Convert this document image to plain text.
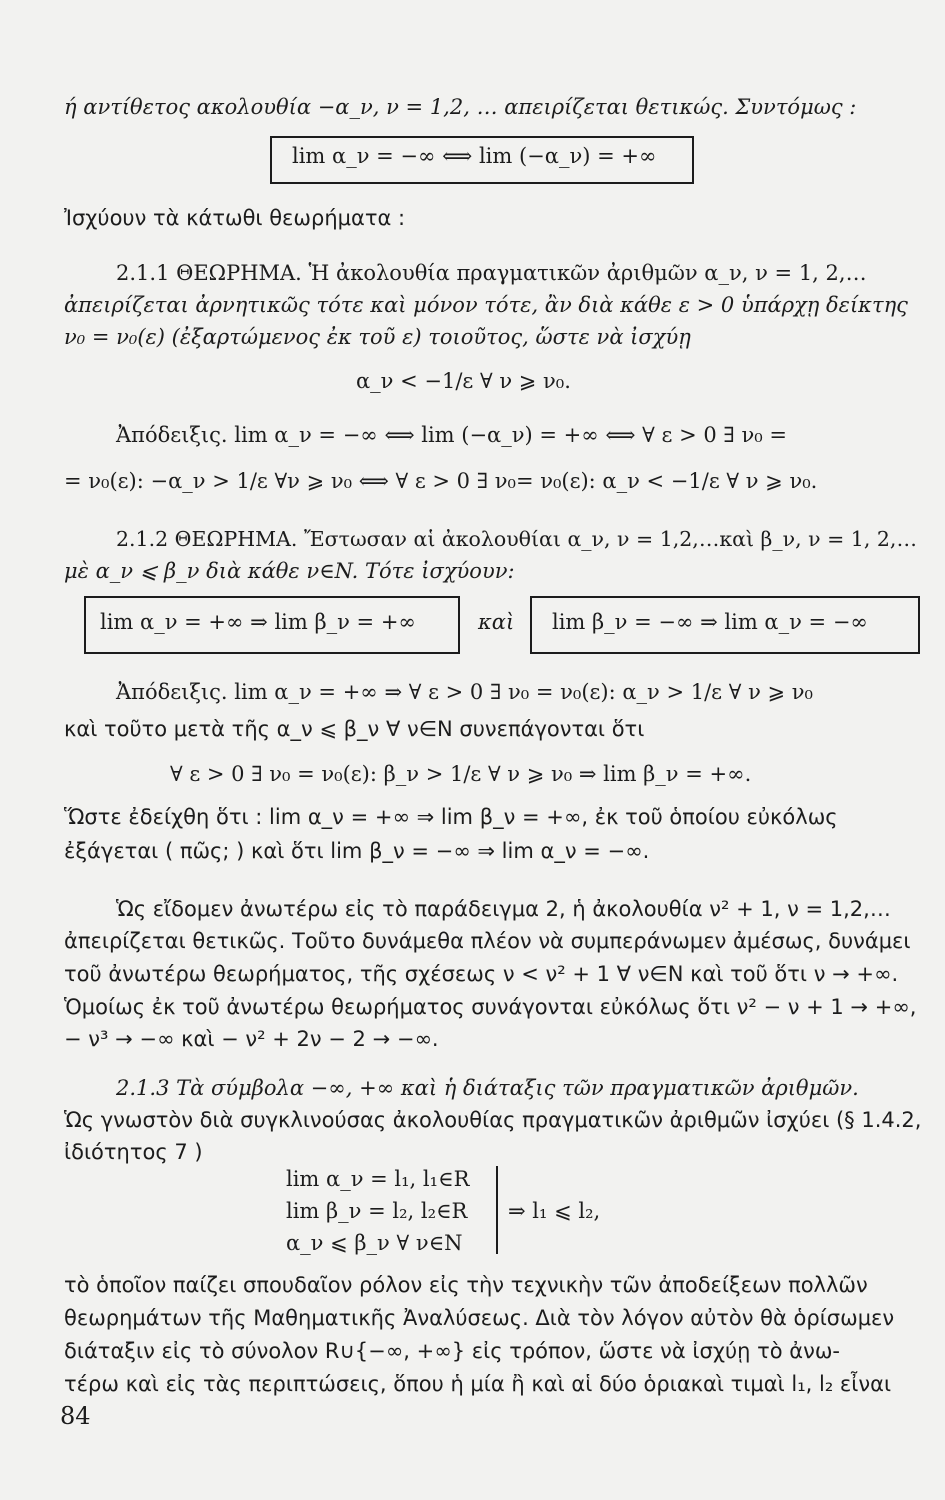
ή αντίθετος ακολουθία −α_ν, ν = 1,2, … απειρίζεται θετικώς. Συντόμως :
lim α_ν = −∞ ⟺ lim (−α_ν) = +∞
Ἰσχύουν τὰ κάτωθι θεωρήματα :
2.1.1 ΘΕΩΡΗΜΑ. Ἡ ἀκολουθία πραγματικῶν ἀριθμῶν α_ν, ν = 1, 2,…
ἀπειρίζεται ἀρνητικῶς τότε καὶ μόνον τότε, ἂν διὰ κάθε ε > 0 ὑπάρχῃ δείκτης
ν₀ = ν₀(ε) (ἐξαρτώμενος ἐκ τοῦ ε) τοιοῦτος, ὥστε νὰ ἰσχύῃ
α_ν < −1/ε ∀ ν ⩾ ν₀.
Ἀπόδειξις. lim α_ν = −∞ ⟺ lim (−α_ν) = +∞ ⟺ ∀ ε > 0 ∃ ν₀ =
= ν₀(ε): −α_ν > 1/ε ∀ν ⩾ ν₀ ⟺ ∀ ε > 0 ∃ ν₀= ν₀(ε): α_ν < −1/ε ∀ ν ⩾ ν₀.
2.1.2 ΘΕΩΡΗΜΑ. Ἔστωσαν αἱ ἀκολουθίαι α_ν, ν = 1,2,…καὶ β_ν, ν = 1, 2,…
μὲ α_ν ⩽ β_ν διὰ κάθε ν∈N. Τότε ἰσχύουν:
lim α_ν = +∞ ⇒ lim β_ν = +∞	καὶ lim β_ν = −∞ ⇒ lim α_ν = −∞
Ἀπόδειξις. lim α_ν = +∞ ⇒ ∀ ε > 0 ∃ ν₀ = ν₀(ε): α_ν > 1/ε ∀ ν ⩾ ν₀
καὶ τοῦτο μετὰ τῆς α_ν ⩽ β_ν ∀ ν∈N συνεπάγονται ὅτι
∀ ε > 0 ∃ ν₀ = ν₀(ε): β_ν > 1/ε ∀ ν ⩾ ν₀ ⇒ lim β_ν = +∞.
Ὥστε ἐδείχθη ὅτι : lim α_ν = +∞ ⇒ lim β_ν = +∞, ἐκ τοῦ ὁποίου εὐκόλως
ἐξάγεται ( πῶς; ) καὶ ὅτι lim β_ν = −∞ ⇒ lim α_ν = −∞.
Ὡς εἴδομεν ἀνωτέρω εἰς τὸ παράδειγμα 2, ἡ ἀκολουθία ν² + 1, ν = 1,2,…
ἀπειρίζεται θετικῶς. Τοῦτο δυνάμεθα πλέον νὰ συμπεράνωμεν ἀμέσως, δυνάμει
τοῦ ἀνωτέρω θεωρήματος, τῆς σχέσεως ν < ν² + 1 ∀ ν∈N καὶ τοῦ ὅτι ν → +∞.
Ὁμοίως ἐκ τοῦ ἀνωτέρω θεωρήματος συνάγονται εὐκόλως ὅτι ν² − ν + 1 → +∞,
− ν³ → −∞ καὶ − ν² + 2ν − 2 → −∞.
2.1.3 Τὰ σύμβολα −∞, +∞ καὶ ἡ διάταξις τῶν πραγματικῶν ἀριθμῶν.
Ὡς γνωστὸν διὰ συγκλινούσας ἀκολουθίας πραγματικῶν ἀριθμῶν ἰσχύει (§ 1.4.2,
ἰδιότητος 7 )
lim α_ν = l₁, l₁∈R
lim β_ν = l₂, l₂∈R
α_ν ⩽ β_ν ∀ ν∈N
⇒ l₁ ⩽ l₂,
τὸ ὁποῖον παίζει σπουδαῖον ρόλον εἰς τὴν τεχνικὴν τῶν ἀποδείξεων πολλῶν
θεωρημάτων τῆς Μαθηματικῆς Ἀναλύσεως. Διὰ τὸν λόγον αὐτὸν θὰ ὁρίσωμεν
διάταξιν εἰς τὸ σύνολον R∪{−∞, +∞} εἰς τρόπον, ὥστε νὰ ἰσχύῃ τὸ ἀνω-
τέρω καὶ εἰς τὰς περιπτώσεις, ὅπου ἡ μία ἢ καὶ αἱ δύο ὁριακαὶ τιμαὶ l₁, l₂ εἶναι
84
